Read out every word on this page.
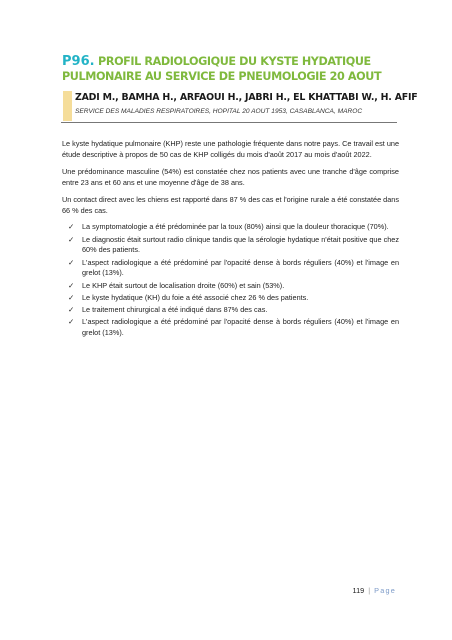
P96. PROFIL RADIOLOGIQUE DU KYSTE HYDATIQUE
PULMONAIRE AU SERVICE DE PNEUMOLOGIE 20 AOUT
ZADI M., BAMHA H., ARFAOUI H., JABRI H., EL KHATTABI W., H. AFIF
SERVICE DES MALADIES RESPIRATOIRES, HOPITAL 20 AOUT 1953, CASABLANCA, MAROC

Le kyste hydatique pulmonaire (KHP) reste une pathologie fréquente dans notre pays. Ce travail est une étude descriptive à propos de 50 cas de KHP colligés du mois d'août 2017 au mois d'août 2022.

Une prédominance masculine (54%) est constatée chez nos patients avec une tranche d'âge comprise entre 23 ans et 60 ans et une moyenne d'âge de 38 ans.

Un contact direct avec les chiens est rapporté dans 87 % des cas et l'origine rurale a été constatée dans 66 % des cas.

✓ La symptomatologie a été prédominée par la toux (80%) ainsi que la douleur thoracique (70%).
✓ Le diagnostic était surtout radio clinique tandis que la sérologie hydatique n'était positive que chez 60% des patients.
✓ L'aspect radiologique a été prédominé par l'opacité dense à bords réguliers (40%) et l'image en grelot (13%).
✓ Le KHP était surtout de localisation droite (60%) et sain (53%).
✓ Le kyste hydatique (KH) du foie a été associé chez 26 % des patients.
✓ Le traitement chirurgical a été indiqué dans 87% des cas.
✓ L'aspect radiologique a été prédominé par l'opacité dense à bords réguliers (40%) et l'image en grelot (13%).
119 | Page
